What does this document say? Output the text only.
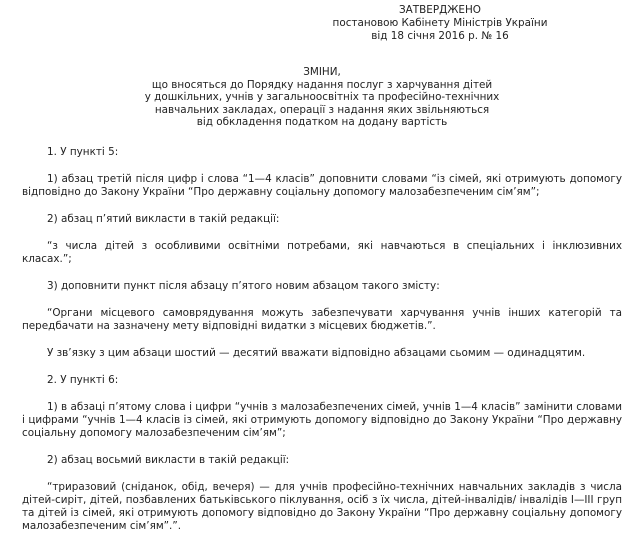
ЗАТВЕРДЖЕНО
постановою Кабінету Міністрів України
від 18 січня 2016 р. № 16
ЗМІНИ,
що вносяться до Порядку надання послуг з харчування дітей
у дошкільних, учнів у загальноосвітніх та професійно-технічних
навчальних закладах, операції з надання яких звільняються
від обкладення податком на додану вартість

1. У пункті 5:

1) абзац третій після цифр і слова “1—4 класів” доповнити словами “із сімей, які отримують допомогу відповідно до Закону України “Про державну соціальну допомогу малозабезпеченим сім’ям”;

2) абзац п’ятий викласти в такій редакції:

“з числа дітей з особливими освітніми потребами, які навчаються в спеціальних і інклюзивних класах.”;

3) доповнити пункт після абзацу п’ятого новим абзацом такого змісту:

“Органи місцевого самоврядування можуть забезпечувати харчування учнів інших категорій та передбачати на зазначену мету відповідні видатки з місцевих бюджетів.”.

У зв’язку з цим абзаци шостий — десятий вважати відповідно абзацами сьомим — одинадцятим.

2. У пункті 6:

1) в абзаці п’ятому слова і цифри “учнів з малозабезпечених сімей, учнів 1—4 класів” замінити словами і цифрами “учнів 1—4 класів із сімей, які отримують допомогу відповідно до Закону України “Про державну соціальну допомогу малозабезпеченим сім’ям”;

2) абзац восьмий викласти в такій редакції:

“триразовий (сніданок, обід, вечеря) — для учнів професійно-технічних навчальних закладів з числа дітей-сиріт, дітей, позбавлених батьківського піклування, осіб з їх числа, дітей-інвалідів/ інвалідів I—III груп та дітей із сімей, які отримують допомогу відповідно до Закону України “Про державну соціальну допомогу малозабезпеченим сім’ям”.”.
